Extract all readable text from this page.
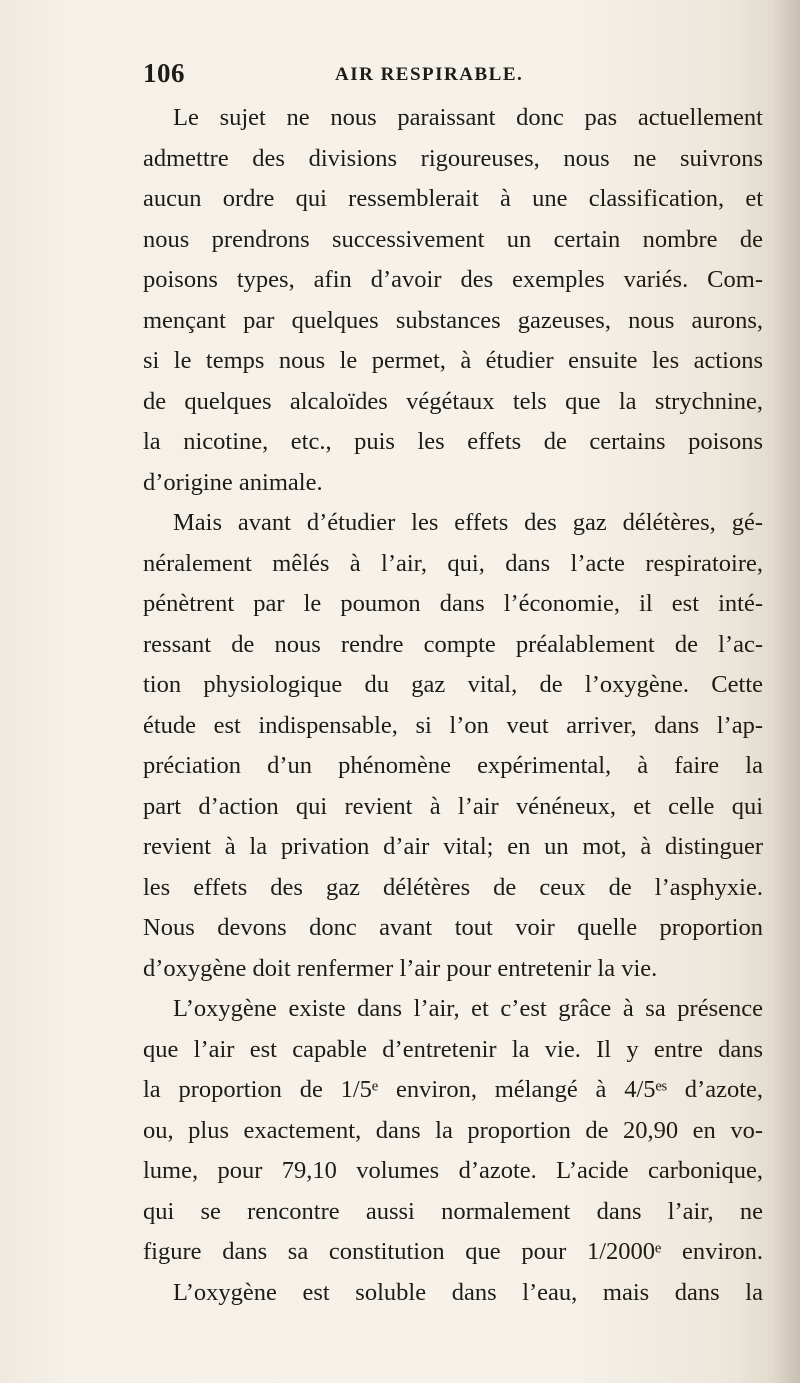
106	AIR RESPIRABLE.
Le sujet ne nous paraissant donc pas actuellement
admettre des divisions rigoureuses, nous ne suivrons
aucun ordre qui ressemblerait à une classification, et
nous prendrons successivement un certain nombre de
poisons types, afin d’avoir des exemples variés. Com-
mençant par quelques substances gazeuses, nous aurons,
si le temps nous le permet, à étudier ensuite les actions
de quelques alcaloïdes végétaux tels que la strychnine,
la nicotine, etc., puis les effets de certains poisons
d’origine animale.
Mais avant d’étudier les effets des gaz délétères, gé-
néralement mêlés à l’air, qui, dans l’acte respiratoire,
pénètrent par le poumon dans l’économie, il est inté-
ressant de nous rendre compte préalablement de l’ac-
tion physiologique du gaz vital, de l’oxygène. Cette
étude est indispensable, si l’on veut arriver, dans l’ap-
préciation d’un phénomène expérimental, à faire la
part d’action qui revient à l’air vénéneux, et celle qui
revient à la privation d’air vital; en un mot, à distinguer
les effets des gaz délétères de ceux de l’asphyxie.
Nous devons donc avant tout voir quelle proportion
d’oxygène doit renfermer l’air pour entretenir la vie.
L’oxygène existe dans l’air, et c’est grâce à sa présence
que l’air est capable d’entretenir la vie. Il y entre dans
la proportion de 1/5ᵉ environ, mélangé à 4/5ᵉˢ d’azote,
ou, plus exactement, dans la proportion de 20,90 en vo-
lume, pour 79,10 volumes d’azote. L’acide carbonique,
qui se rencontre aussi normalement dans l’air, ne
figure dans sa constitution que pour 1/2000ᵉ environ.
L’oxygène est soluble dans l’eau, mais dans la
